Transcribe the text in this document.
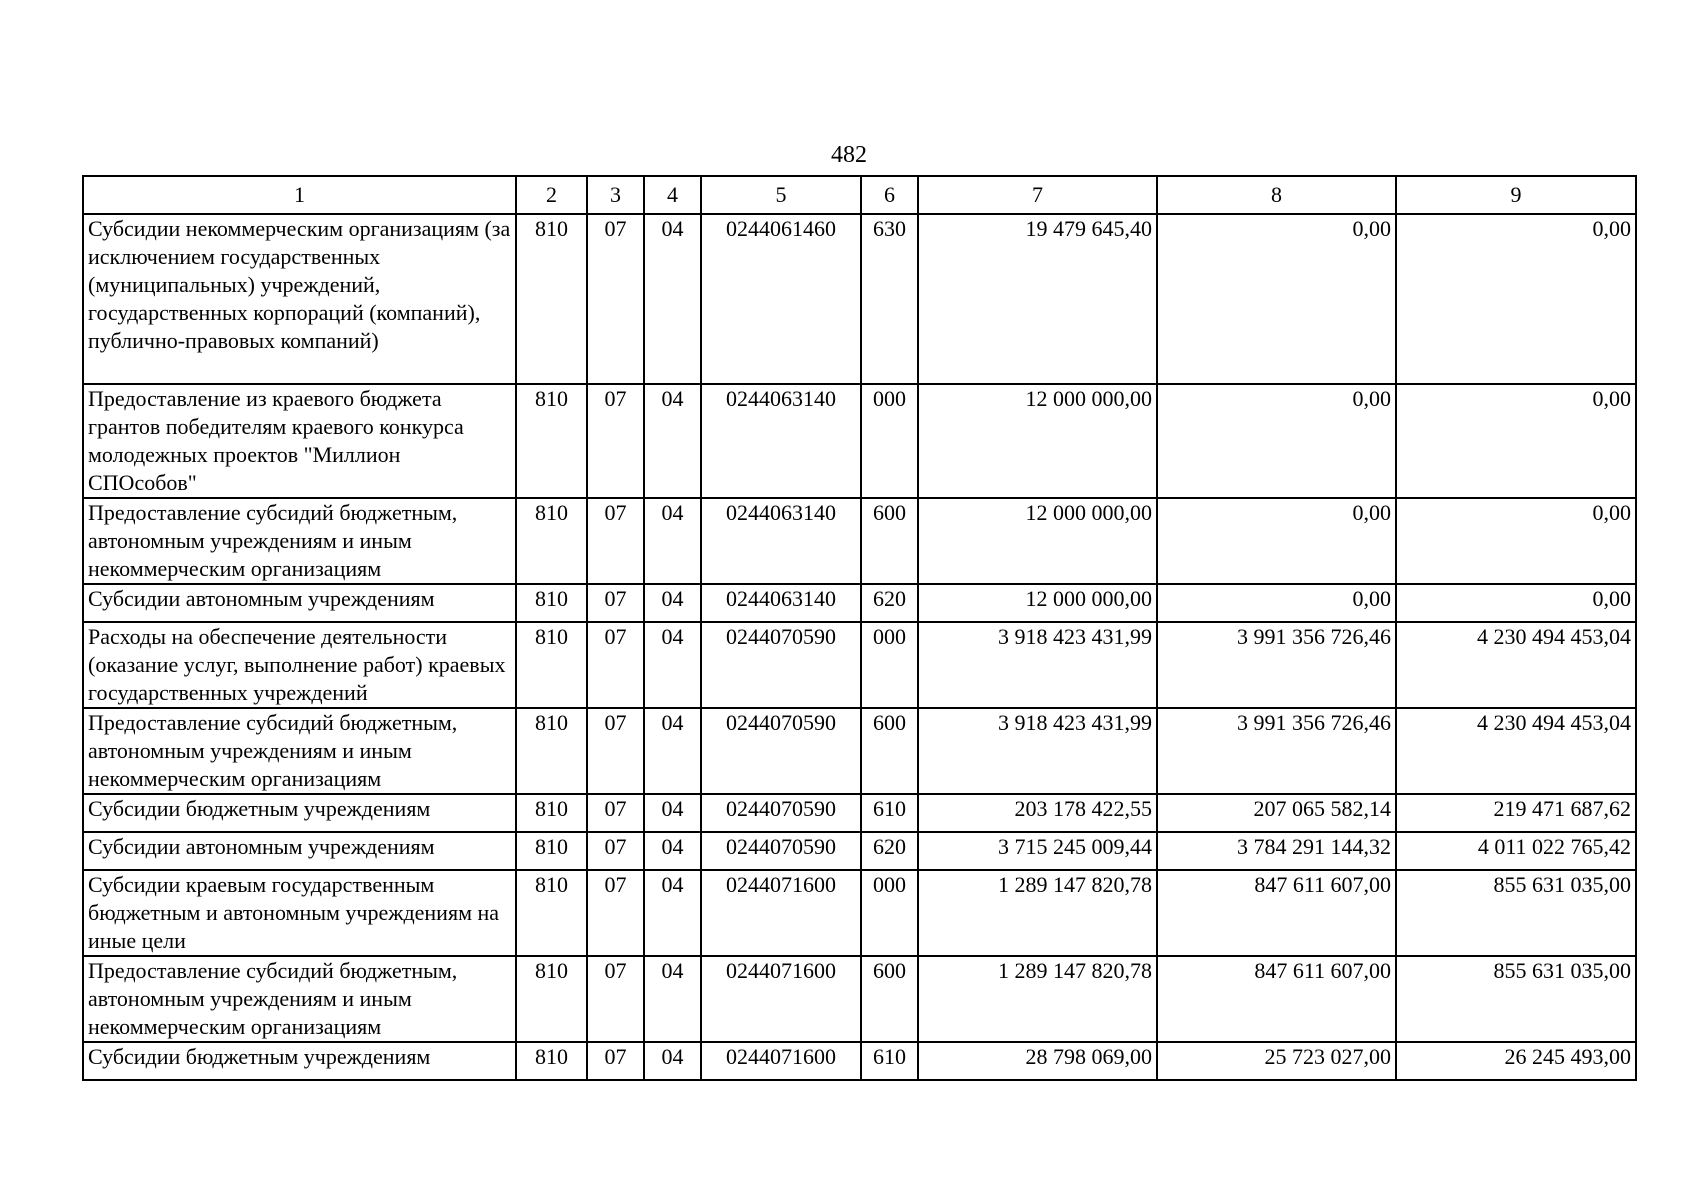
482
1	2	3	4	5	6	7	8	9
Субсидии некоммерческим организациям (за исключением государственных (муниципальных) учреждений, государственных корпораций (компаний), публично-правовых компаний)	810	07	04	0244061460	630	19 479 645,40	0,00	0,00
Предоставление из краевого бюджета грантов победителям краевого конкурса молодежных проектов "Миллион СПОсобов"	810	07	04	0244063140	000	12 000 000,00	0,00	0,00
Предоставление субсидий бюджетным, автономным учреждениям и иным некоммерческим организациям	810	07	04	0244063140	600	12 000 000,00	0,00	0,00
Субсидии автономным учреждениям	810	07	04	0244063140	620	12 000 000,00	0,00	0,00
Расходы на обеспечение деятельности (оказание услуг, выполнение работ) краевых государственных учреждений	810	07	04	0244070590	000	3 918 423 431,99	3 991 356 726,46	4 230 494 453,04
Предоставление субсидий бюджетным, автономным учреждениям и иным некоммерческим организациям	810	07	04	0244070590	600	3 918 423 431,99	3 991 356 726,46	4 230 494 453,04
Субсидии бюджетным учреждениям	810	07	04	0244070590	610	203 178 422,55	207 065 582,14	219 471 687,62
Субсидии автономным учреждениям	810	07	04	0244070590	620	3 715 245 009,44	3 784 291 144,32	4 011 022 765,42
Субсидии краевым государственным бюджетным и автономным учреждениям на иные цели	810	07	04	0244071600	000	1 289 147 820,78	847 611 607,00	855 631 035,00
Предоставление субсидий бюджетным, автономным учреждениям и иным некоммерческим организациям	810	07	04	0244071600	600	1 289 147 820,78	847 611 607,00	855 631 035,00
Субсидии бюджетным учреждениям	810	07	04	0244071600	610	28 798 069,00	25 723 027,00	26 245 493,00
